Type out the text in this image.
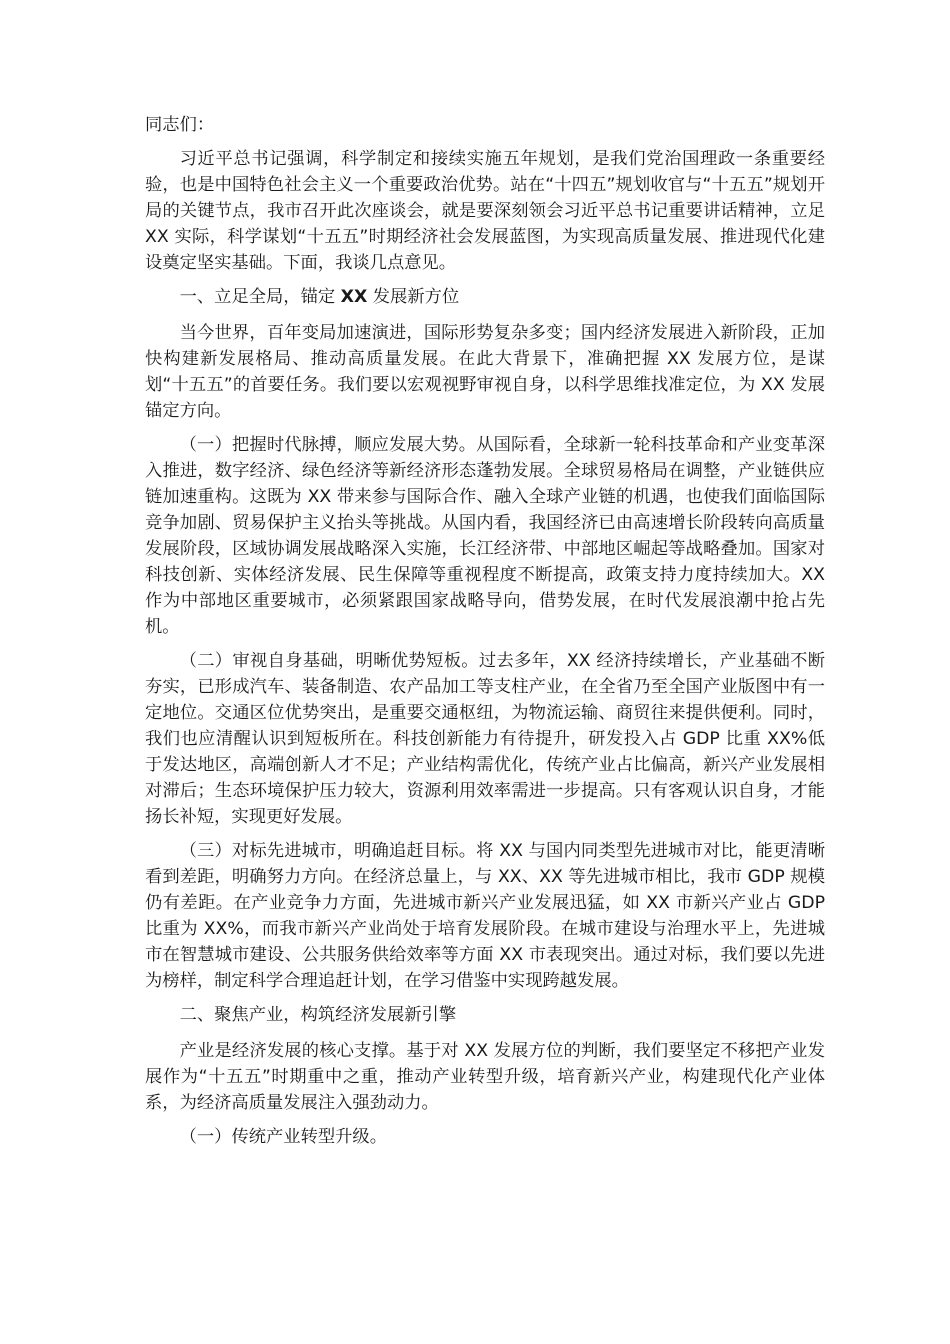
同志们：

习近平总书记强调，科学制定和接续实施五年规划，是我们党治国理政一条重要经验，也是中国特色社会主义一个重要政治优势。站在“十四五”规划收官与“十五五”规划开局的关键节点，我市召开此次座谈会，就是要深刻领会习近平总书记重要讲话精神，立足 XX 实际，科学谋划“十五五”时期经济社会发展蓝图，为实现高质量发展、推进现代化建设奠定坚实基础。下面，我谈几点意见。

一、立足全局，锚定 XX 发展新方位

当今世界，百年变局加速演进，国际形势复杂多变；国内经济发展进入新阶段，正加快构建新发展格局、推动高质量发展。在此大背景下，准确把握 XX 发展方位，是谋划“十五五”的首要任务。我们要以宏观视野审视自身，以科学思维找准定位，为 XX 发展锚定方向。

（一）把握时代脉搏，顺应发展大势。从国际看，全球新一轮科技革命和产业变革深入推进，数字经济、绿色经济等新经济形态蓬勃发展。全球贸易格局在调整，产业链供应链加速重构。这既为 XX 带来参与国际合作、融入全球产业链的机遇，也使我们面临国际竞争加剧、贸易保护主义抬头等挑战。从国内看，我国经济已由高速增长阶段转向高质量发展阶段，区域协调发展战略深入实施，长江经济带、中部地区崛起等战略叠加。国家对科技创新、实体经济发展、民生保障等重视程度不断提高，政策支持力度持续加大。XX 作为中部地区重要城市，必须紧跟国家战略导向，借势发展，在时代发展浪潮中抢占先机。

（二）审视自身基础，明晰优势短板。过去多年，XX 经济持续增长，产业基础不断夯实，已形成汽车、装备制造、农产品加工等支柱产业，在全省乃至全国产业版图中有一定地位。交通区位优势突出，是重要交通枢纽，为物流运输、商贸往来提供便利。同时，我们也应清醒认识到短板所在。科技创新能力有待提升，研发投入占 GDP 比重 XX%低于发达地区，高端创新人才不足；产业结构需优化，传统产业占比偏高，新兴产业发展相对滞后；生态环境保护压力较大，资源利用效率需进一步提高。只有客观认识自身，才能扬长补短，实现更好发展。

（三）对标先进城市，明确追赶目标。将 XX 与国内同类型先进城市对比，能更清晰看到差距，明确努力方向。在经济总量上，与 XX、XX 等先进城市相比，我市 GDP 规模仍有差距。在产业竞争力方面，先进城市新兴产业发展迅猛，如 XX 市新兴产业占 GDP 比重为 XX%，而我市新兴产业尚处于培育发展阶段。在城市建设与治理水平上，先进城市在智慧城市建设、公共服务供给效率等方面 XX 市表现突出。通过对标，我们要以先进为榜样，制定科学合理追赶计划，在学习借鉴中实现跨越发展。

二、聚焦产业，构筑经济发展新引擎

产业是经济发展的核心支撑。基于对 XX 发展方位的判断，我们要坚定不移把产业发展作为“十五五”时期重中之重，推动产业转型升级，培育新兴产业，构建现代化产业体系，为经济高质量发展注入强劲动力。

（一）传统产业转型升级。
